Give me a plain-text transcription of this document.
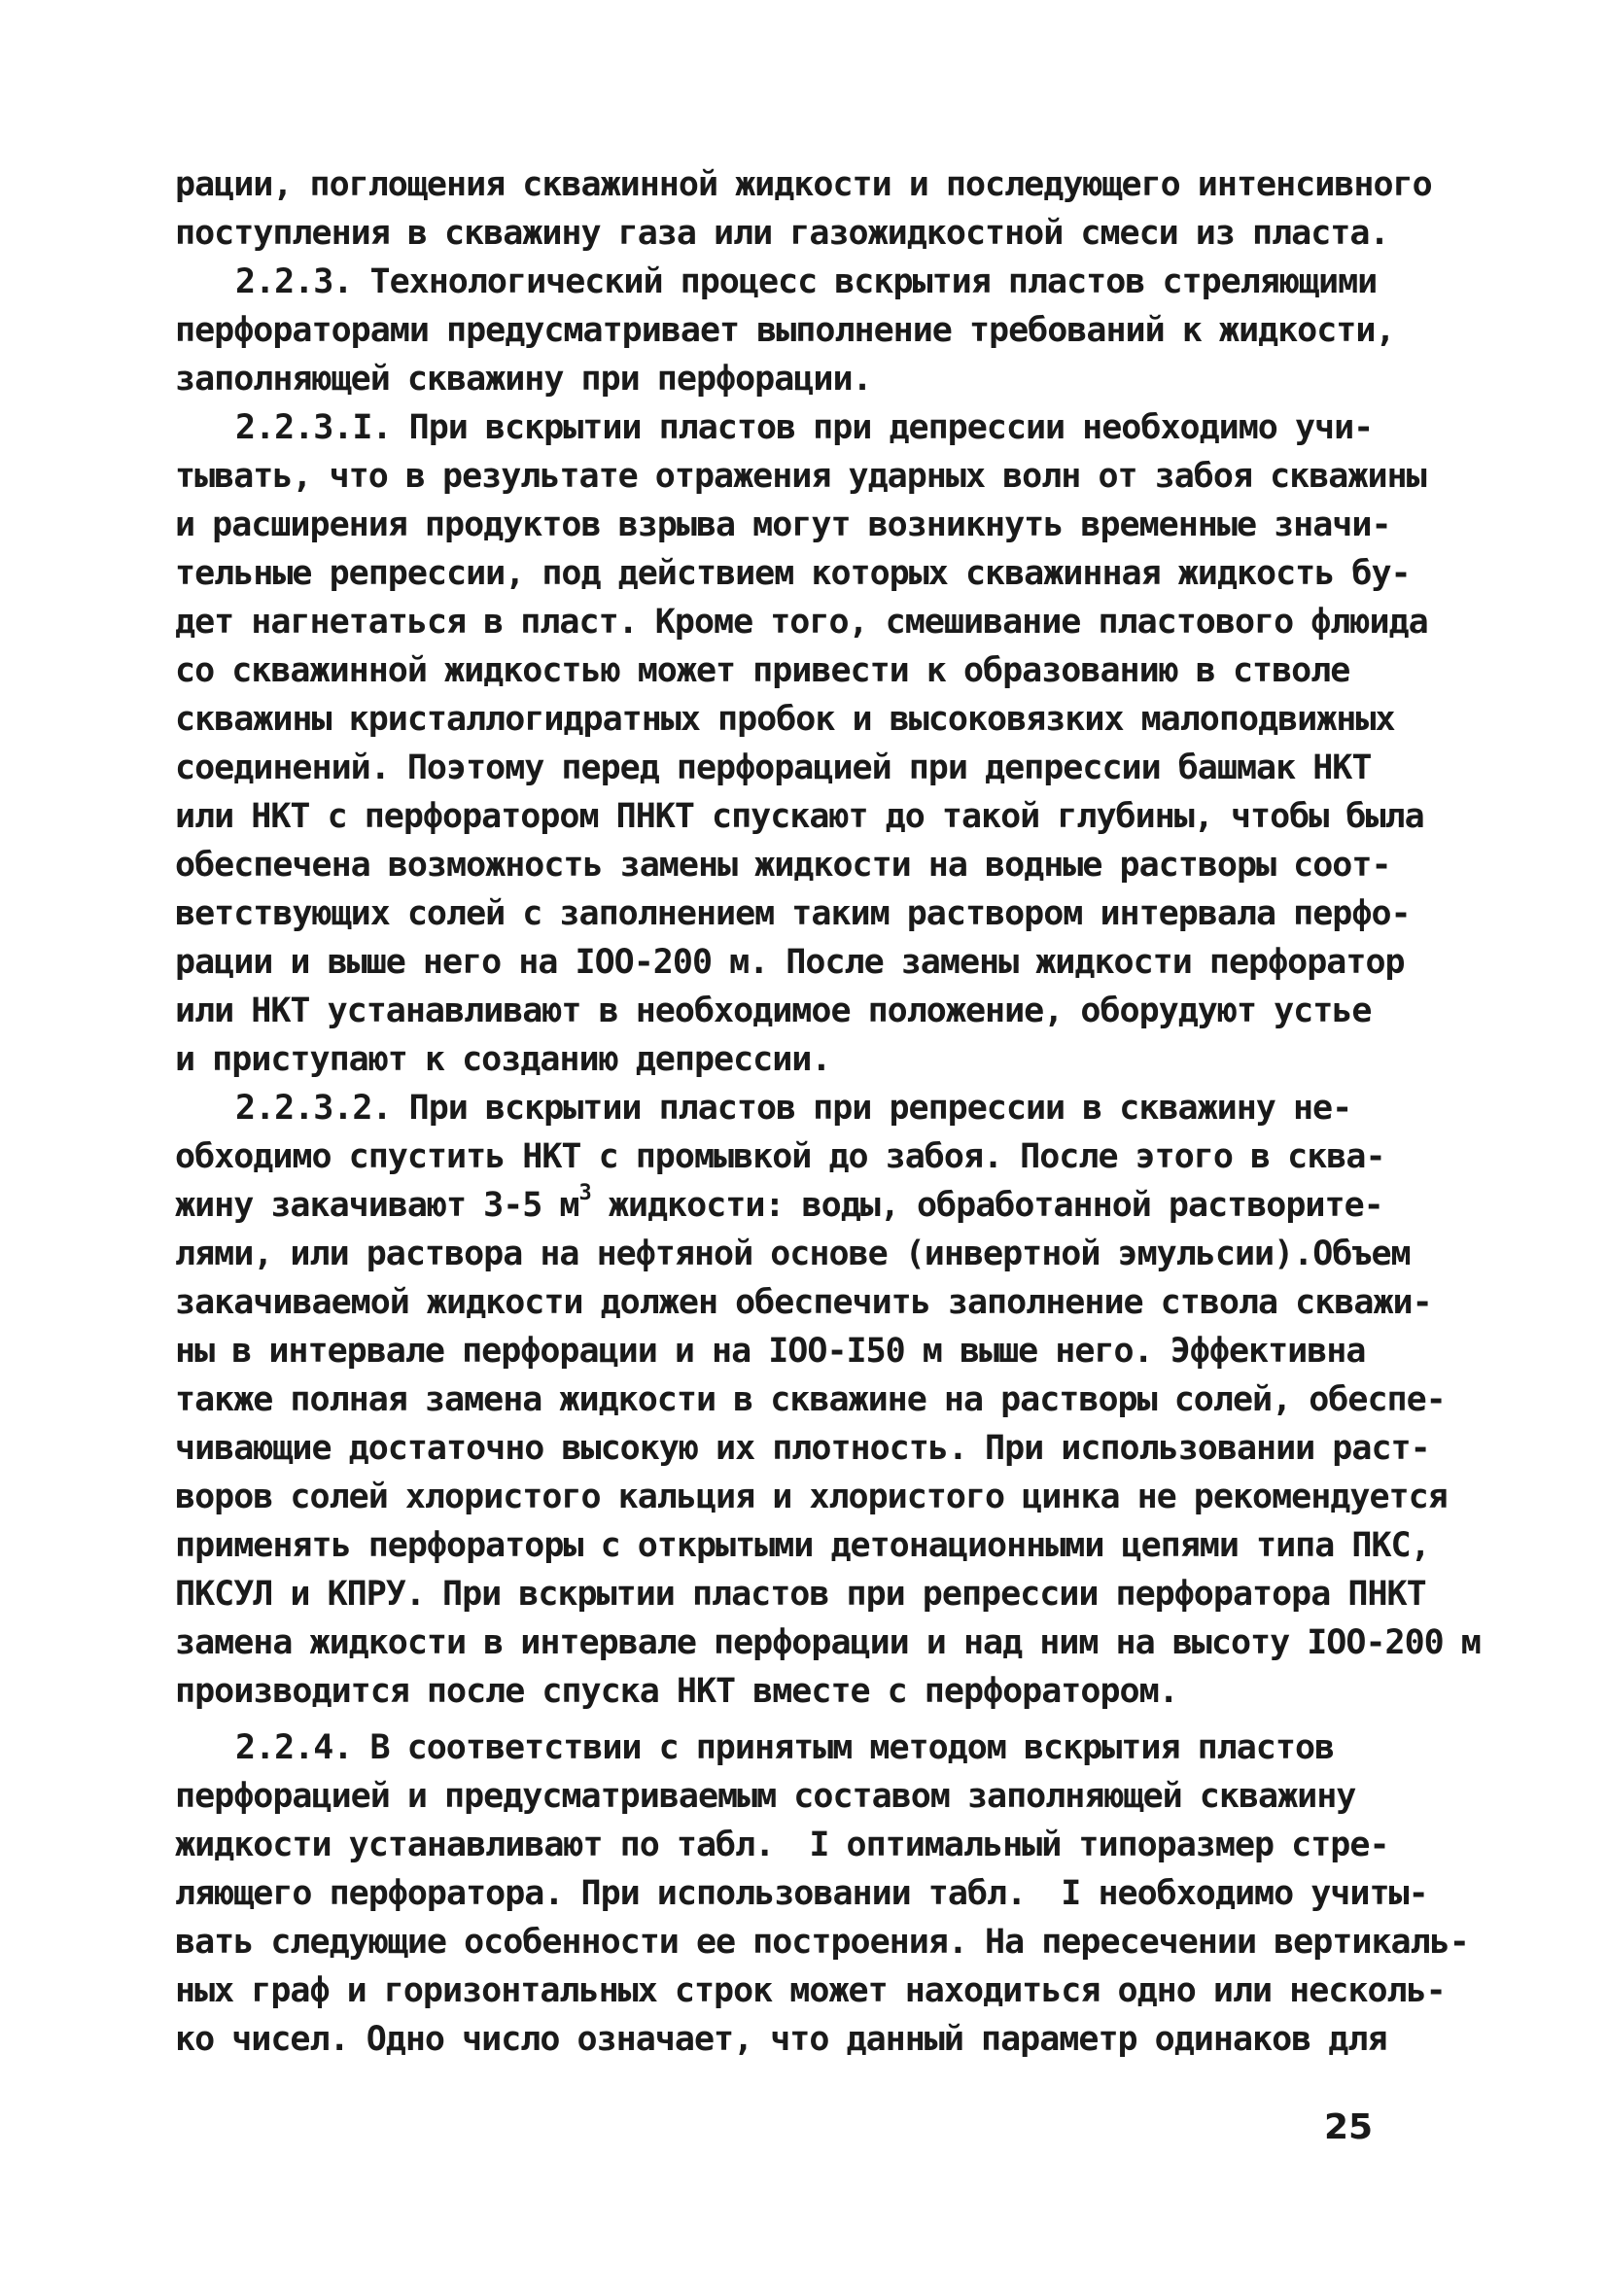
рации, поглощения скважинной жидкости и последующего интенсивного
поступления в скважину газа или газожидкостной смеси из пласта.
2.2.3. Технологический процесс вскрытия пластов стреляющими
перфораторами предусматривает выполнение требований к жидкости,
заполняющей скважину при перфорации.
2.2.3.I. При вскрытии пластов при депрессии необходимо учи-
тывать, что в результате отражения ударных волн от забоя скважины
и расширения продуктов взрыва могут возникнуть временные значи-
тельные репрессии, под действием которых скважинная жидкость бу-
дет нагнетаться в пласт. Кроме того, смешивание пластового флюида
со скважинной жидкостью может привести к образованию в стволе
скважины кристаллогидратных пробок и высоковязких малоподвижных
соединений. Поэтому перед перфорацией при депрессии башмак НКТ
или НКТ с перфоратором ПНКТ спускают до такой глубины, чтобы была
обеспечена возможность замены жидкости на водные растворы соот-
ветствующих солей с заполнением таким раствором интервала перфо-
рации и выше него на IOO-200 м. После замены жидкости перфоратор
или НКТ устанавливают в необходимое положение, оборудуют устье
и приступают к созданию депрессии.
2.2.3.2. При вскрытии пластов при репрессии в скважину не-
обходимо спустить НКТ с промывкой до забоя. После этого в сква-
жину закачивают 3-5 $м^3$ жидкости: воды, обработанной растворите-
лями, или раствора на нефтяной основе (инвертной эмульсии).Объем
закачиваемой жидкости должен обеспечить заполнение ствола скважи-
ны в интервале перфорации и на IOO-I50 м выше него. Эффективна
также полная замена жидкости в скважине на растворы солей, обеспе-
чивающие достаточно высокую их плотность. При использовании раст-
воров солей хлористого кальция и хлористого цинка не рекомендуется
применять перфораторы с открытыми детонационными цепями типа ПКС,
ПКСУЛ и КПРУ. При вскрытии пластов при репрессии перфоратора ПНКТ
замена жидкости в интервале перфорации и над ним на высоту IOO-200 м
производится после спуска НКТ вместе с перфоратором.
2.2.4. В соответствии с принятым методом вскрытия пластов
перфорацией и предусматриваемым составом заполняющей скважину
жидкости устанавливают по табл.  I оптимальный типоразмер стре-
ляющего перфоратора. При использовании табл.  I необходимо учиты-
вать следующие особенности ее построения. На пересечении вертикаль-
ных граф и горизонтальных строк может находиться одно или несколь-
ко чисел. Одно число означает, что данный параметр одинаков для
25
